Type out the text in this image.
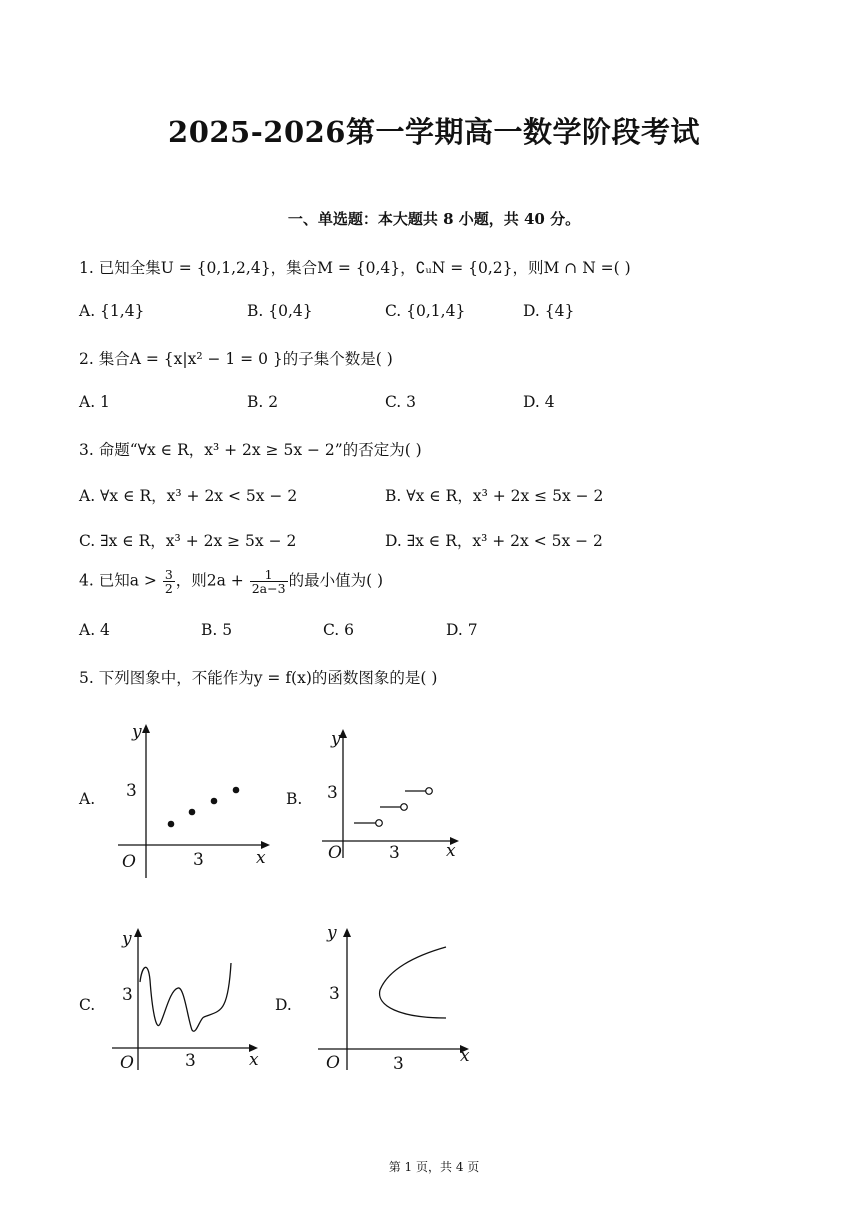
2025-2026第一学期高一数学阶段考试
一、单选题：本大题共 8 小题，共 40 分。
1. 已知全集U = {0,1,2,4}，集合M = {0,4}，∁ᵤN = {0,2}，则M ∩ N =( )
A. {1,4}	B. {0,4}	C. {0,1,4}	D. {4}
2. 集合A = {x|x² − 1 = 0 }的子集个数是( )
A. 1	B. 2	C. 3	D. 4
3. 命题“∀x ∈ R，x³ + 2x ≥ 5x − 2”的否定为( )
A. ∀x ∈ R，x³ + 2x < 5x − 2	B. ∀x ∈ R，x³ + 2x ≤ 5x − 2
C. ∃x ∈ R，x³ + 2x ≥ 5x − 2	D. ∃x ∈ R，x³ + 2x < 5x − 2
4. 已知$a > \frac{3}{2}$ ，则$2a + \frac{1}{2a-3}$ 的最小值为( )
A. 4	B. 5	C. 6	D. 7
5. 下列图象中，不能作为y = f(x)的函数图象的是( )
A.
y
x
O	3
3	B.
y
x
O	3
3
C.
y
x
O	3
3	D.
y
x
O	3
3
第 1 页，共 4 页
